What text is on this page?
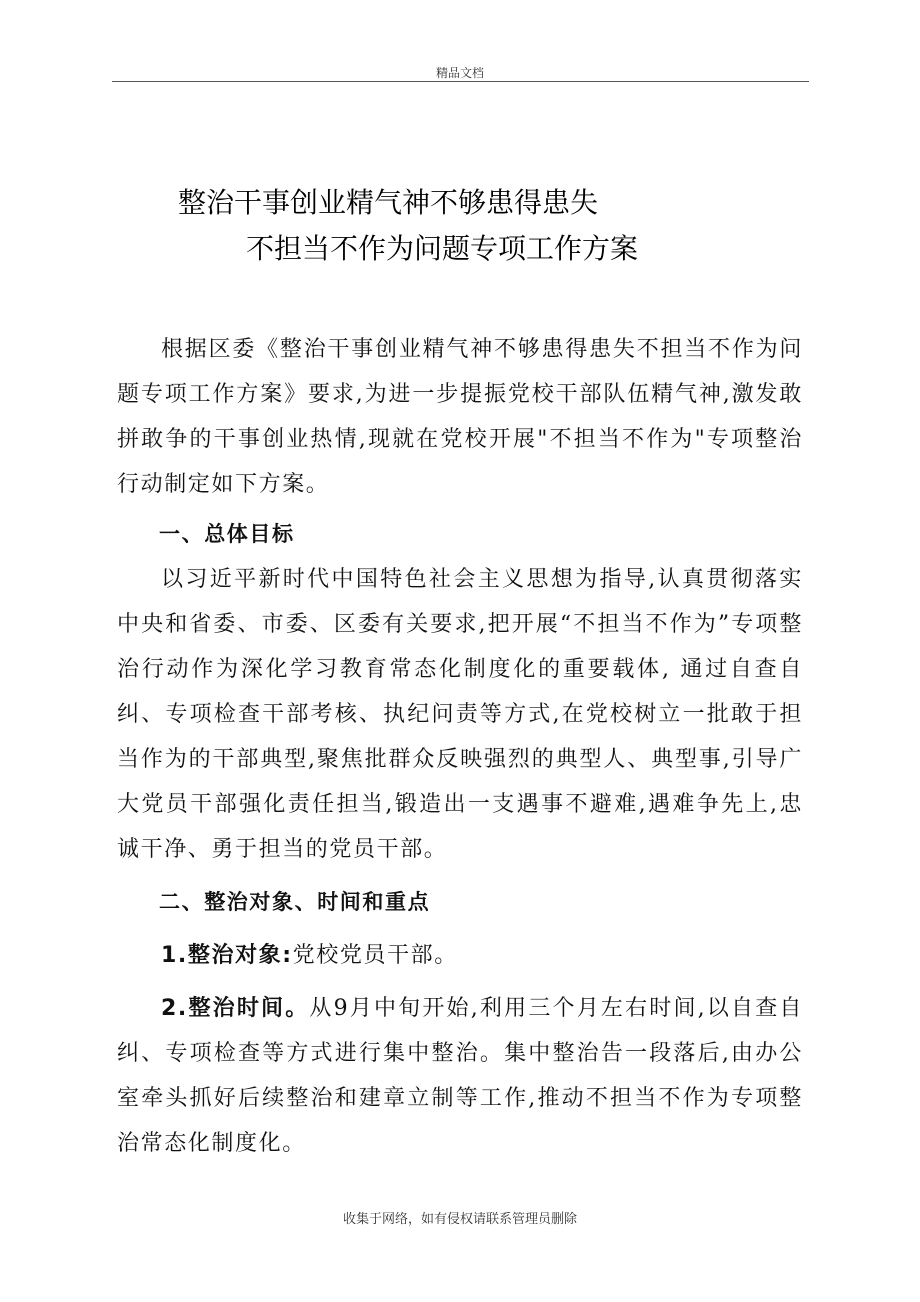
精品文档
整治干事创业精气神不够患得患失
不担当不作为问题专项工作方案

根据区委《整治干事创业精气神不够患得患失不担当不作为问题专项工作方案》要求,为进一步提振党校干部队伍精气神,激发敢拼敢争的干事创业热情,现就在党校开展"不担当不作为"专项整治行动制定如下方案。

一、总体目标

以习近平新时代中国特色社会主义思想为指导,认真贯彻落实中央和省委、市委、区委有关要求,把开展“不担当不作为”专项整治行动作为深化学习教育常态化制度化的重要载体, 通过自查自纠、专项检查干部考核、执纪问责等方式,在党校树立一批敢于担当作为的干部典型,聚焦批群众反映强烈的典型人、典型事,引导广大党员干部强化责任担当,锻造出一支遇事不避难,遇难争先上,忠诚干净、勇于担当的党员干部。

二、整治对象、时间和重点

1.整治对象:党校党员干部。

2.整治时间。从9月中旬开始,利用三个月左右时间,以自查自纠、专项检查等方式进行集中整治。集中整治告一段落后,由办公室牵头抓好后续整治和建章立制等工作,推动不担当不作为专项整治常态化制度化。

收集于网络，如有侵权请联系管理员删除
